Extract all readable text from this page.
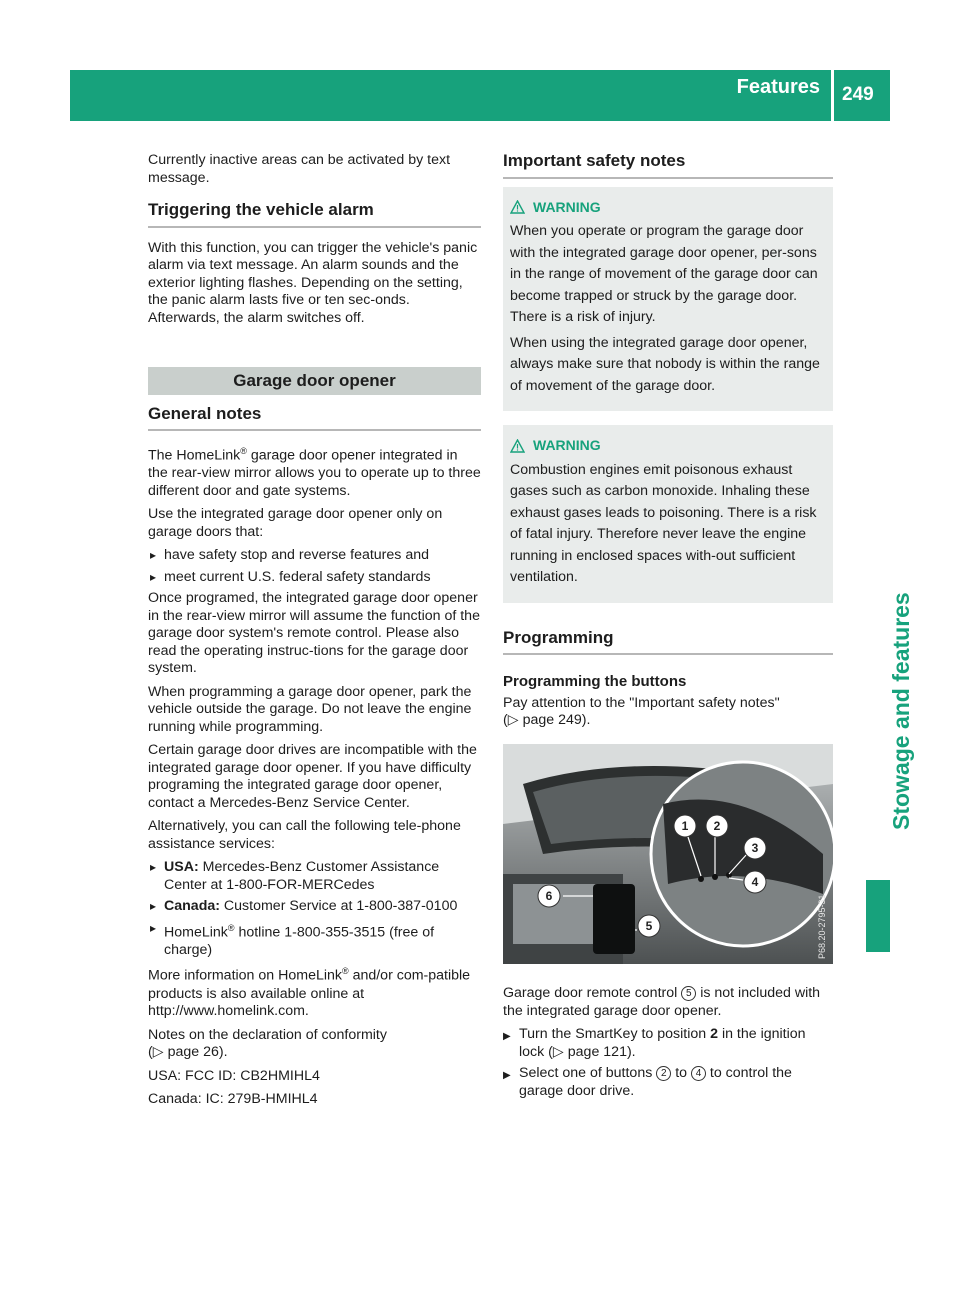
Features 249
Stowage and features

Currently inactive areas can be activated by text message.

Triggering the vehicle alarm

With this function, you can trigger the vehicle's panic alarm via text message. An alarm sounds and the exterior lighting flashes. Depending on the setting, the panic alarm lasts five or ten sec-onds. Afterwards, the alarm switches off.

Garage door opener
General notes

The HomeLink® garage door opener integrated in the rear-view mirror allows you to operate up to three different door and gate systems.

Use the integrated garage door opener only on garage doors that:

▸ have safety stop and reverse features and
▸ meet current U.S. federal safety standards

Once programed, the integrated garage door opener in the rear-view mirror will assume the function of the garage door system's remote control. Please also read the operating instruc-tions for the garage door system.

When programming a garage door opener, park the vehicle outside the garage. Do not leave the engine running while programming.

Certain garage door drives are incompatible with the integrated garage door opener. If you have difficulty programing the integrated garage door opener, contact a Mercedes-Benz Service Center.

Alternatively, you can call the following tele-phone assistance services:

▸ USA: Mercedes-Benz Customer Assistance Center at 1-800-FOR-MERCedes
▸ Canada: Customer Service at 1-800-387-0100
▸ HomeLink® hotline 1-800-355-3515 (free of charge)

More information on HomeLink® and/or com-patible products is also available online at http://www.homelink.com.

Notes on the declaration of conformity
(▷ page 26).

USA: FCC ID: CB2HMIHL4

Canada: IC: 279B-HMIHL4

Important safety notes
WARNING

When you operate or program the garage door with the integrated garage door opener, per-sons in the range of movement of the garage door can become trapped or struck by the garage door. There is a risk of injury.

When using the integrated garage door opener, always make sure that nobody is within the range of movement of the garage door.

WARNING

Combustion engines emit poisonous exhaust gases such as carbon monoxide. Inhaling these exhaust gases leads to poisoning. There is a risk of fatal injury. Therefore never leave the engine running in enclosed spaces with-out sufficient ventilation.

Programming
Programming the buttons

Pay attention to the "Important safety notes"
(▷ page 249).

1 2
3
4
5
6	P68.20-2795-31

Garage door remote control 5 is not included with the integrated garage door opener.

▶ Turn the SmartKey to position 2 in the ignition lock (▷ page 121).
▶ Select one of buttons 2 to 4 to control the garage door drive.
